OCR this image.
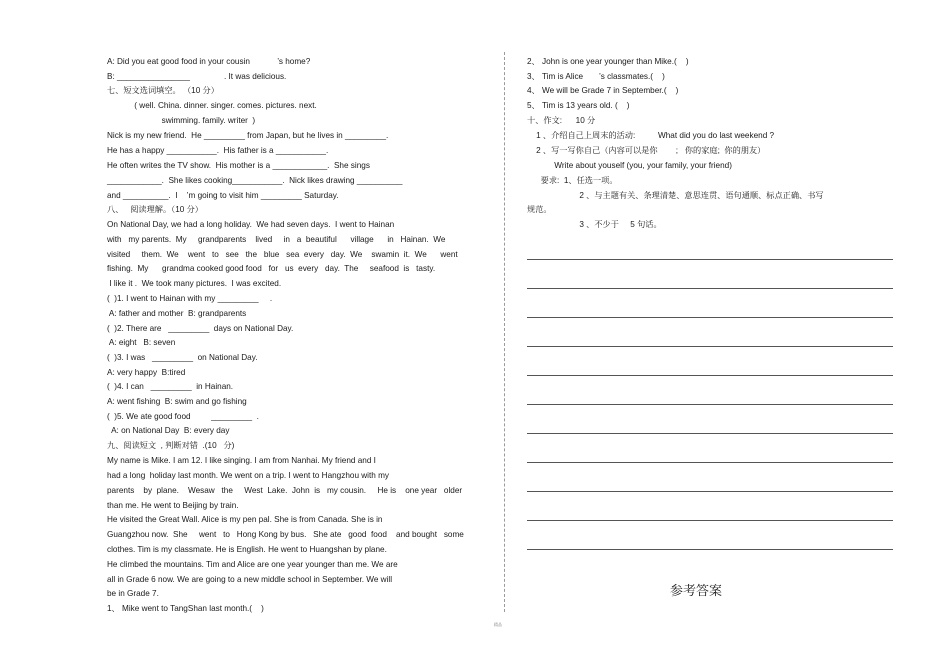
A: Did you eat good food in your cousin            ’s home?
B: ________________               . It was delicious.
七、短文选词填空。 （10 分）
( well. China. dinner. singer. comes. pictures. next.
swimming. family. writer  )
Nick is my new friend.  He _________ from Japan, but he lives in _________.
He has a happy ___________.  His father is a ___________.
He often writes the TV show.  His mother is a ____________.  She sings
____________.  She likes cooking___________.  Nick likes drawing __________
and __________.  I    ’m going to visit him _________ Saturday.
八、   阅读理解。（10 分）
On National Day, we had a long holiday.  We had seven days.  I went to Hainan
with   my parents.  My     grandparents    lived     in   a  beautiful      village      in   Hainan.  We
visited     them.  We    went   to   see   the   blue   sea  every   day.  We    swamin  it.  We      went
fishing.  My      grandma cooked good food   for   us  every   day.  The     seafood  is   tasty.
I like it .  We took many pictures.  I was excited.
(  )1. I went to Hainan with my _________     .
A: father and mother  B: grandparents
(  )2. There are   _________  days on National Day.
A: eight   B: seven
(  )3. I was   _________  on National Day.
A: very happy  B:tired
(  )4. I can   _________  in Hainan.
A: went fishing  B: swim and go fishing
(  )5. We ate good food         _________  .
A: on National Day  B: every day
九、阅读短文  , 判断对错  .(10   分)
My name is Mike. I am 12. I like singing. I am from Nanhai. My friend and I
had a long  holiday last month. We went on a trip. I went to Hangzhou with my
parents    by  plane.    Wesaw   the     West  Lake.  John  is   my cousin.     He is    one year   older
than me. He went to Beijing by train.
He visited the Great Wall. Alice is my pen pal. She is from Canada. She is in
Guangzhou now.  She     went   to   Hong Kong by bus.   She ate   good  food    and bought   some
clothes. Tim is my classmate. He is English. He went to Huangshan by plane.
He climbed the mountains. Tim and Alice are one year younger than me. We are
all in Grade 6 now. We are going to a new middle school in September. We will
be in Grade 7.
1、 Mike went to TangShan last month.(    )
2、 John is one year younger than Mike.(    )
3、 Tim is Alice       ’s classmates.(    )
4、 We will be Grade 7 in September.(    )
5、 Tim is 13 years old. (    )
十、作文:      10 分
1 、介绍自己上周末的活动:          What did you do last weekend ?
2 、写一写你自己（内容可以是你        ;   你的家庭;  你的朋友）
Write about youself (you, your family, your friend)
要求:  1、任选一项。
2 、与主题有关、条理清楚、意思连贯、语句通顺、标点正确、书写
规范。
3 、不少于     5 句话。
参考答案
精品
